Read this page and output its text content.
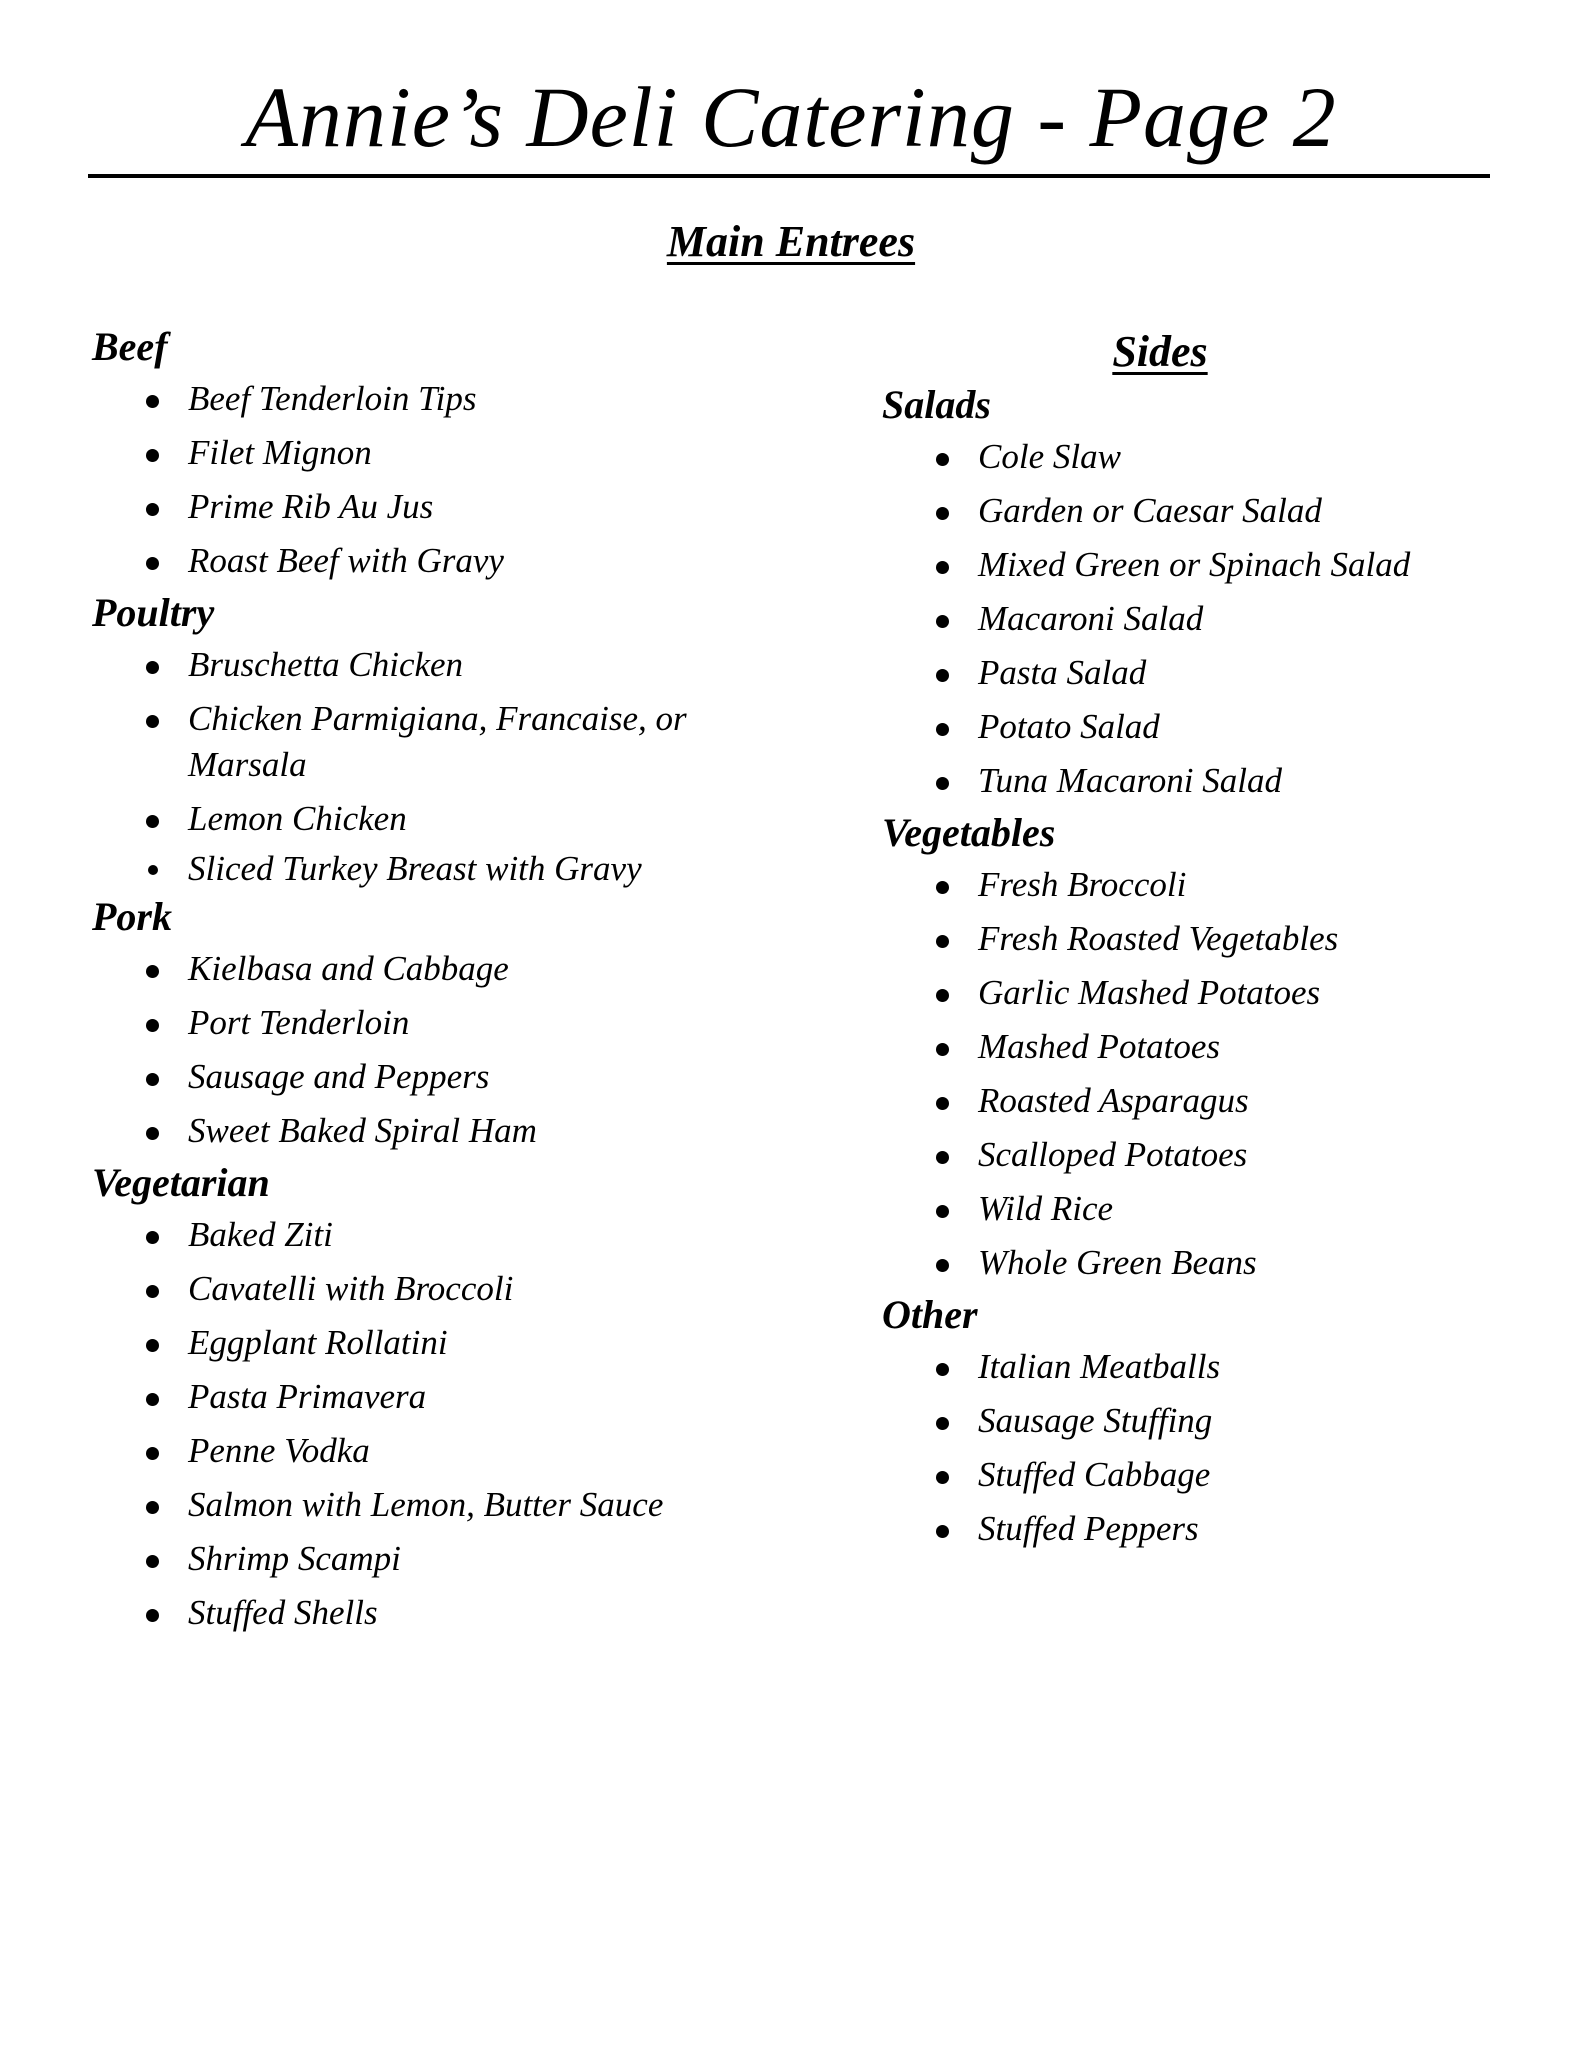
Annie’s Deli Catering - Page 2
Main Entrees
Beef
Beef Tenderloin Tips
Filet Mignon
Prime Rib Au Jus
Roast Beef with Gravy
Poultry
Bruschetta Chicken
Chicken Parmigiana, Francaise, or Marsala
Lemon Chicken
Sliced Turkey Breast with Gravy
Pork
Kielbasa and Cabbage
Port Tenderloin
Sausage and Peppers
Sweet Baked Spiral Ham
Vegetarian
Baked Ziti
Cavatelli with Broccoli
Eggplant Rollatini
Pasta Primavera
Penne Vodka
Salmon with Lemon, Butter Sauce
Shrimp Scampi
Stuffed Shells
Sides
Salads
Cole Slaw
Garden or Caesar Salad
Mixed Green or Spinach Salad
Macaroni Salad
Pasta Salad
Potato Salad
Tuna Macaroni Salad
Vegetables
Fresh Broccoli
Fresh Roasted Vegetables
Garlic Mashed Potatoes
Mashed Potatoes
Roasted Asparagus
Scalloped Potatoes
Wild Rice
Whole Green Beans
Other
Italian Meatballs
Sausage Stuffing
Stuffed Cabbage
Stuffed Peppers
